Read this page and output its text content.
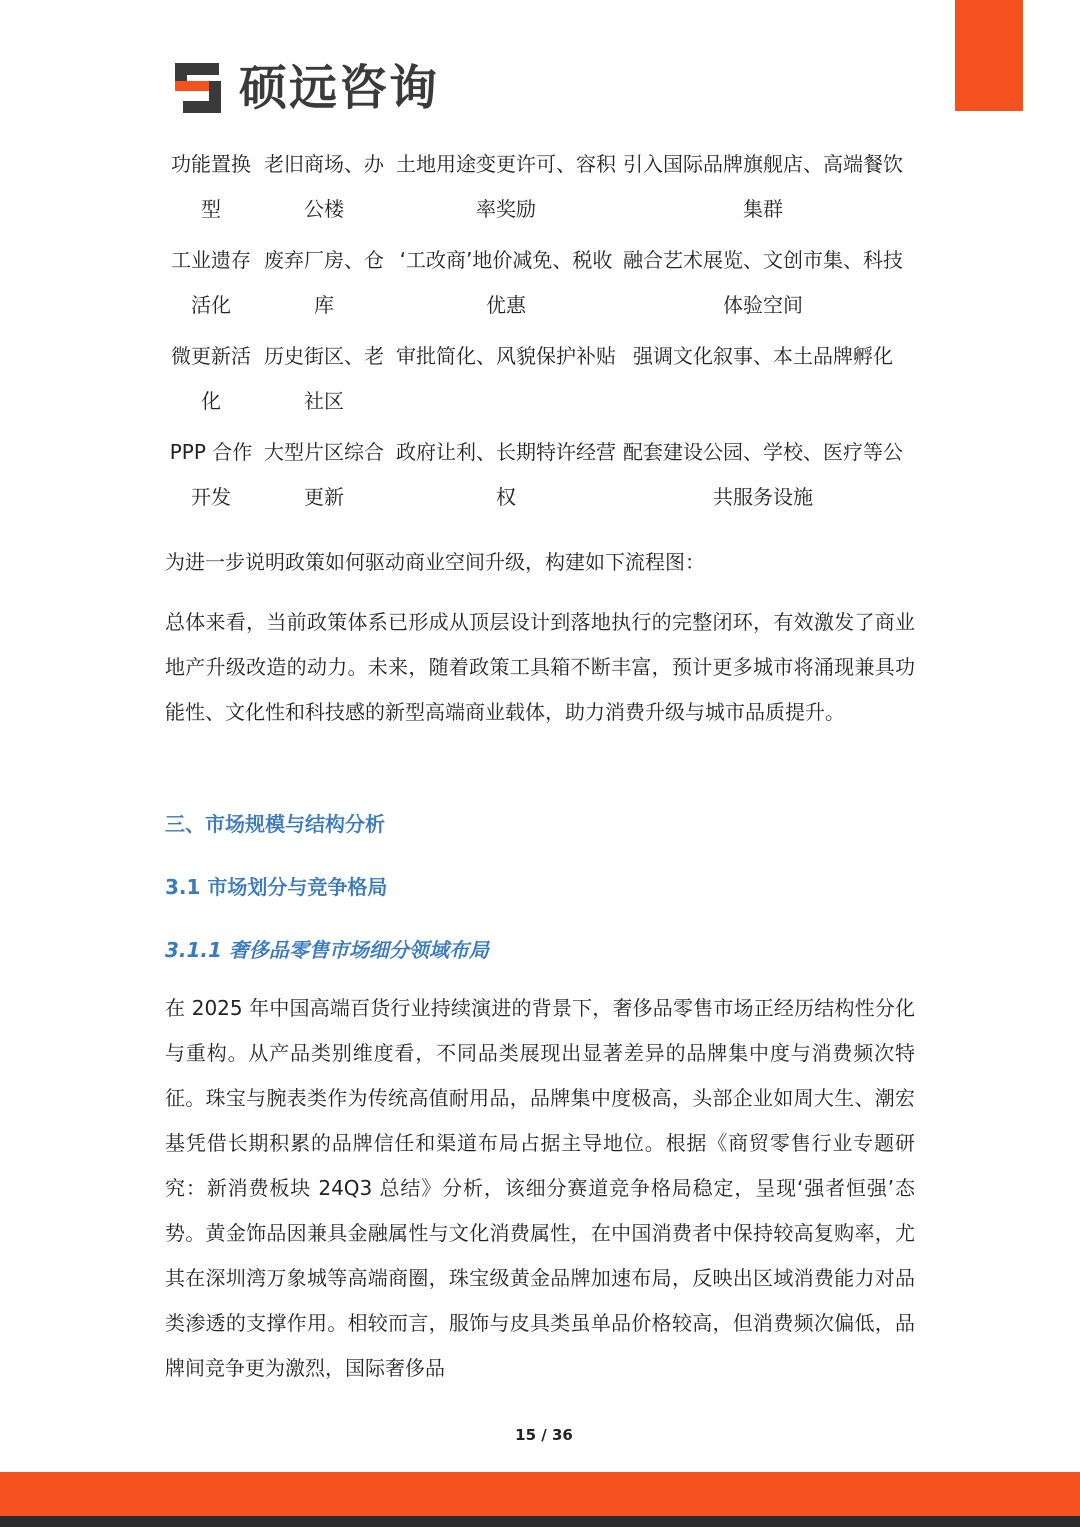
硕远咨询
功能置换型
老旧商场、办公楼
土地用途变更许可、容积率奖励
引入国际品牌旗舰店、高端餐饮集群
工业遗存活化
废弃厂房、仓库
‘工改商’地价减免、税收优惠
融合艺术展览、文创市集、科技体验空间
微更新活化
历史街区、老社区
审批简化、风貌保护补贴 强调文化叙事、本土品牌孵化
PPP 合作开发
大型片区综合更新
政府让利、长期特许经营权
配套建设公园、学校、医疗等公共服务设施
为进一步说明政策如何驱动商业空间升级，构建如下流程图：
总体来看，当前政策体系已形成从顶层设计到落地执行的完整闭环，有效激发了商业地产升级改造的动力。未来，随着政策工具箱不断丰富，预计更多城市将涌现兼具功能性、文化性和科技感的新型高端商业载体，助力消费升级与城市品质提升。
三、市场规模与结构分析
3.1 市场划分与竞争格局
3.1.1 奢侈品零售市场细分领域布局
在 2025 年中国高端百货行业持续演进的背景下，奢侈品零售市场正经历结构性分化与重构。从产品类别维度看，不同品类展现出显著差异的品牌集中度与消费频次特征。珠宝与腕表类作为传统高值耐用品，品牌集中度极高，头部企业如周大生、潮宏基凭借长期积累的品牌信任和渠道布局占据主导地位。根据《商贸零售行业专题研究：新消费板块 24Q3 总结》分析，该细分赛道竞争格局稳定，呈现‘强者恒强’态势。黄金饰品因兼具金融属性与文化消费属性，在中国消费者中保持较高复购率，尤其在深圳湾万象城等高端商圈，珠宝级黄金品牌加速布局，反映出区域消费能力对品类渗透的支撑作用。相较而言，服饰与皮具类虽单品价格较高，但消费频次偏低，品牌间竞争更为激烈，国际奢侈品
15 / 36
